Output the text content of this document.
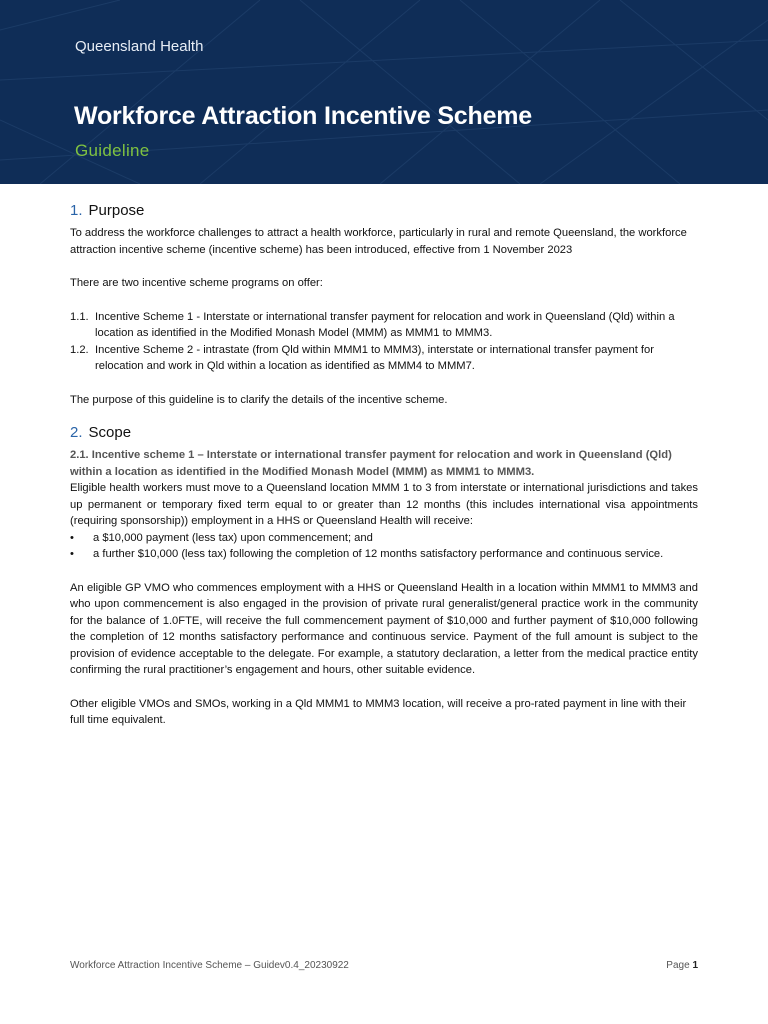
Queensland Health
Workforce Attraction Incentive Scheme
Guideline
1. Purpose

To address the workforce challenges to attract a health workforce, particularly in rural and remote Queensland, the workforce attraction incentive scheme (incentive scheme) has been introduced, effective from 1 November 2023

There are two incentive scheme programs on offer:

1.1. Incentive Scheme 1 - Interstate or international transfer payment for relocation and work in Queensland (Qld) within a location as identified in the Modified Monash Model (MMM) as MMM1 to MMM3.
1.2. Incentive Scheme 2 - intrastate (from Qld within MMM1 to MMM3), interstate or international transfer payment for relocation and work in Qld within a location as identified as MMM4 to MMM7.

The purpose of this guideline is to clarify the details of the incentive scheme.

2. Scope

2.1. Incentive scheme 1 – Interstate or international transfer payment for relocation and work in Queensland (Qld) within a location as identified in the Modified Monash Model (MMM) as MMM1 to MMM3.

Eligible health workers must move to a Queensland location MMM 1 to 3 from interstate or international jurisdictions and takes up permanent or temporary fixed term equal to or greater than 12 months (this includes international visa appointments (requiring sponsorship)) employment in a HHS or Queensland Health will receive:

•	a $10,000 payment (less tax) upon commencement; and
•	a further $10,000 (less tax) following the completion of 12 months satisfactory performance and continuous service.

An eligible GP VMO who commences employment with a HHS or Queensland Health in a location within MMM1 to MMM3 and who upon commencement is also engaged in the provision of private rural generalist/general practice work in the community for the balance of 1.0FTE, will receive the full commencement payment of $10,000 and further payment of $10,000 following the completion of 12 months satisfactory performance and continuous service. Payment of the full amount is subject to the provision of evidence acceptable to the delegate. For example, a statutory declaration, a letter from the medical practice entity confirming the rural practitioner’s engagement and hours, other suitable evidence.

Other eligible VMOs and SMOs, working in a Qld MMM1 to MMM3 location, will receive a pro-rated payment in line with their full time equivalent.

Workforce Attraction Incentive Scheme – Guidev0.4_20230922	Page 1
